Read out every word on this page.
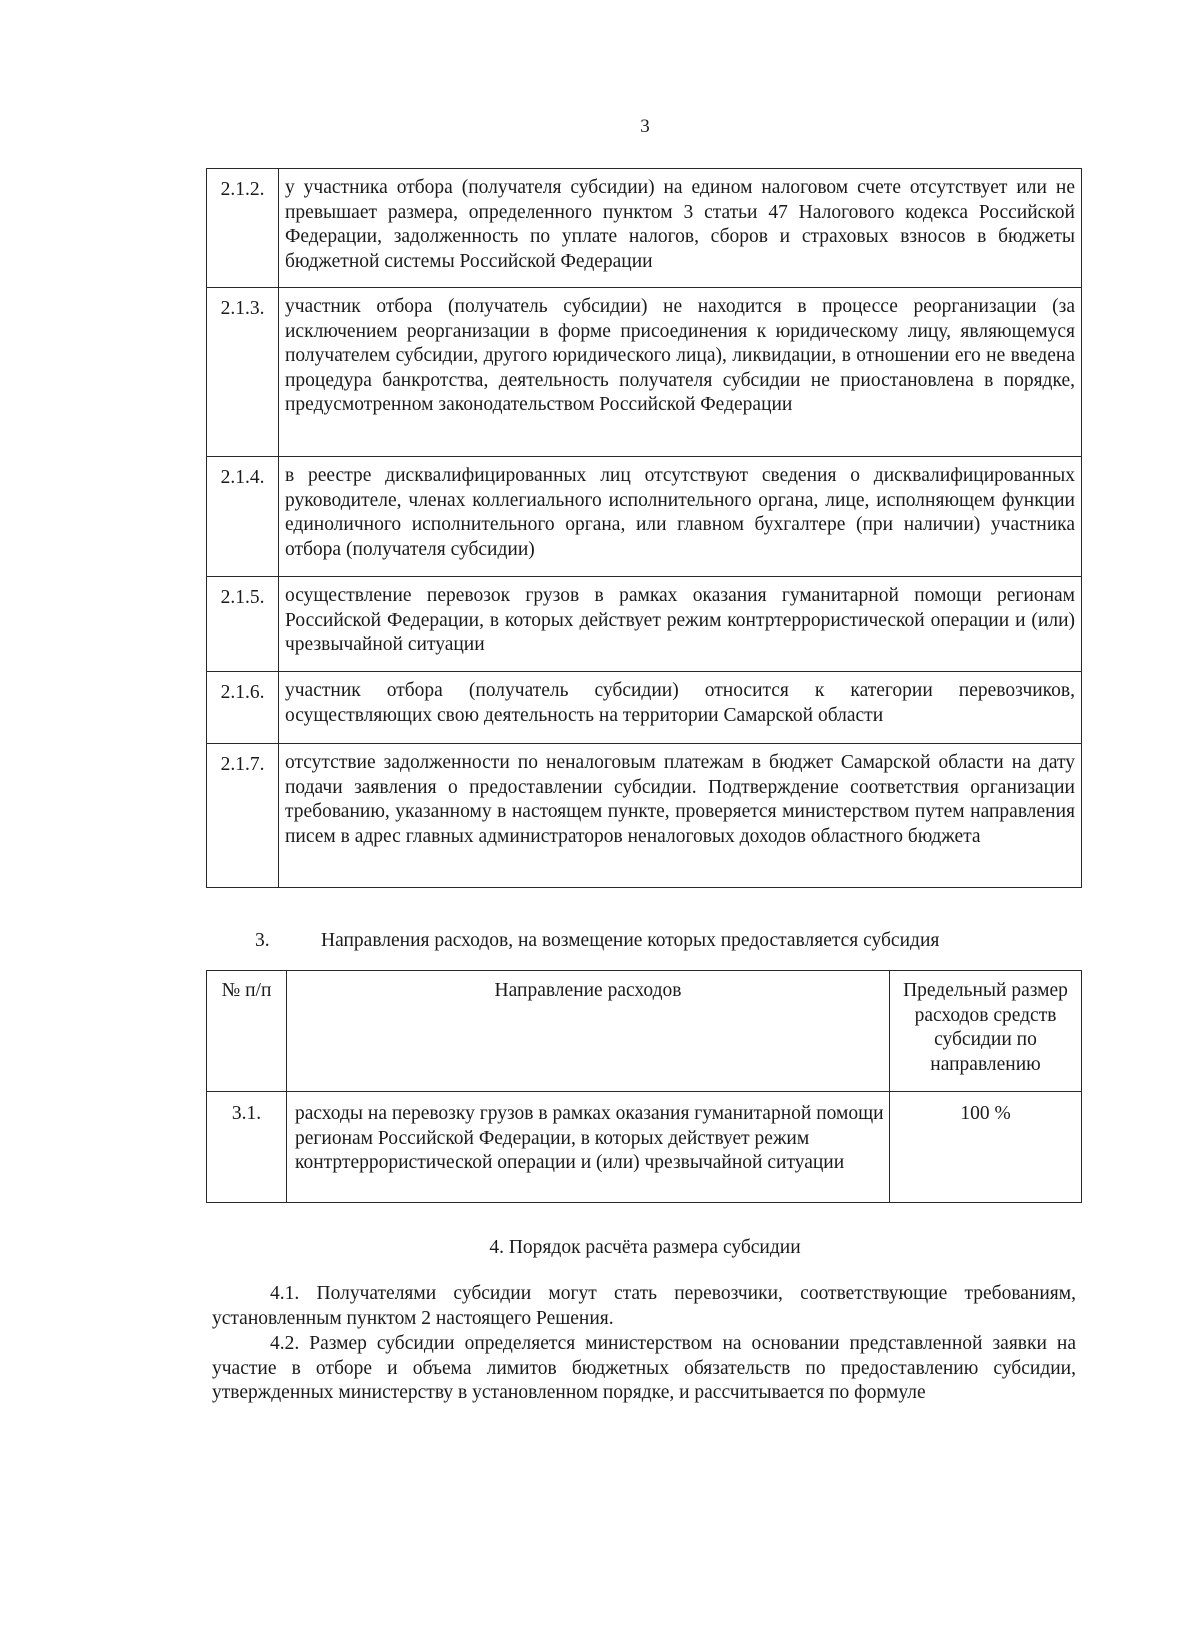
3
2.1.2.	у участника отбора (получателя субсидии) на едином налоговом счете отсутствует или не превышает размера, определенного пунктом 3 статьи 47 Налогового кодекса Российской Федерации, задолженность по уплате налогов, сборов и страховых взносов в бюджеты бюджетной системы Российской Федерации
2.1.3.	участник отбора (получатель субсидии) не находится в процессе реорганизации (за исключением реорганизации в форме присоединения к юридическому лицу, являющемуся получателем субсидии, другого юридического лица), ликвидации, в отношении его не введена процедура банкротства, деятельность получателя субсидии не приостановлена в порядке, предусмотренном законодательством Российской Федерации
2.1.4.	в реестре дисквалифицированных лиц отсутствуют сведения о дисквалифицированных руководителе, членах коллегиального исполнительного органа, лице, исполняющем функции единоличного исполнительного органа, или главном бухгалтере (при наличии) участника отбора (получателя субсидии)
2.1.5.	осуществление перевозок грузов в рамках оказания гуманитарной помощи регионам Российской Федерации, в которых действует режим контртеррористической операции и (или) чрезвычайной ситуации
2.1.6.	участник отбора (получатель субсидии) относится к категории перевозчиков, осуществляющих свою деятельность на территории Самарской области
2.1.7.	отсутствие задолженности по неналоговым платежам в бюджет Самарской области на дату подачи заявления о предоставлении субсидии. Подтверждение соответствия организации требованию, указанному в настоящем пункте, проверяется министерством путем направления писем в адрес главных администраторов неналоговых доходов областного бюджета
3.	Направления расходов, на возмещение которых предоставляется субсидия
№ п/п	Направление расходов	Предельный размер расходов средств субсидии по направлению
3.1.	расходы на перевозку грузов в рамках оказания гуманитарной помощи регионам Российской Федерации, в которых действует режим контртеррористической операции и (или) чрезвычайной ситуации	100 %
4. Порядок расчёта размера субсидии
4.1. Получателями субсидии могут стать перевозчики, соответствующие требованиям, установленным пунктом 2 настоящего Решения.
4.2. Размер субсидии определяется министерством на основании представленной заявки на участие в отборе и объема лимитов бюджетных обязательств по предоставлению субсидии, утвержденных министерству в установленном порядке, и рассчитывается по формуле
